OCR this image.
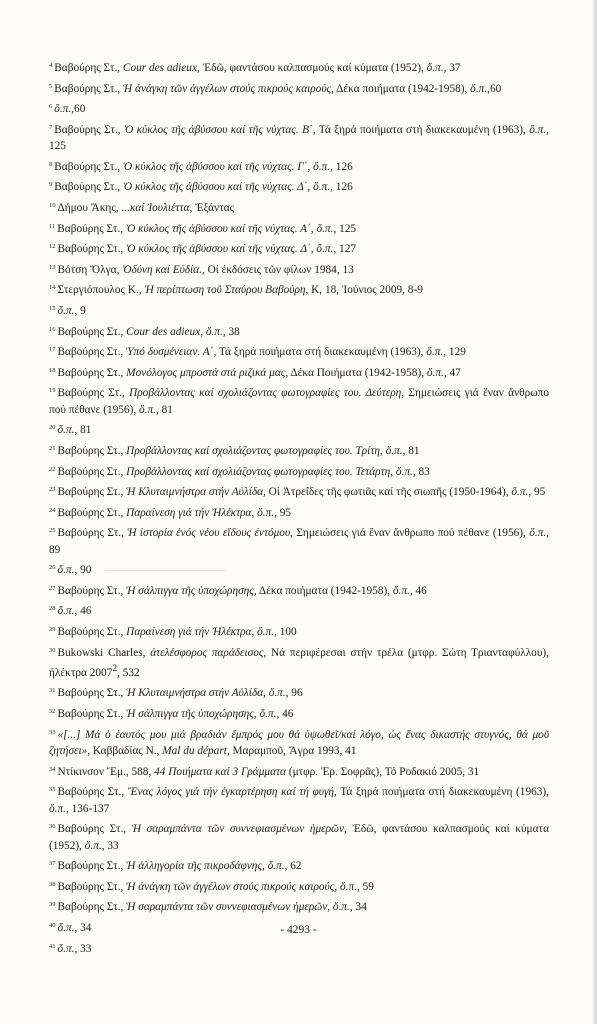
$^4$ Βαβούρης Στ., Cour des adieux, Ἐδῶ, φαντάσου καλπασμούς καί κύματα (1952), ὅ.π., 37
$^5$ Βαβούρης Στ., Ἡ ἀνάγκη τῶν ἀγγέλων στούς πικρούς καιρούς, Δέκα ποιήματα (1942-1958), ὅ.π.,60
$^6$ ὅ.π.,60
$^7$ Βαβούρης Στ., Ὁ κύκλος τῆς ἀβύσσου καί τῆς νύχτας. Β΄, Τά ξηρά ποιήματα στή διακεκαυμένη (1963), ὅ.π., 125
$^8$ Βαβούρης Στ., Ὁ κύκλος τῆς ἀβύσσου καί τῆς νύχτας. Γ΄, ὅ.π., 126
$^9$ Βαβούρης Στ., Ὁ κύκλος τῆς ἀβύσσου καί τῆς νύχτας. Δ΄, ὅ.π., 126
$^{10}$ Δήμου Ἄκης, ...καί Ἰουλιέττα, Ἐξάντας
$^{11}$ Βαβούρης Στ., Ὁ κύκλος τῆς ἀβύσσου καί τῆς νύχτας. Α΄, ὅ.π., 125
$^{12}$ Βαβούρης Στ., Ὁ κύκλος τῆς ἀβύσσου καί τῆς νύχτας. Δ΄, ὅ.π., 127
$^{13}$ Βότση Ὄλγα, Ὀδύνη καί Εὐδία., Οἱ ἐκδόσεις τῶν φίλων 1984, 13
$^{14}$ Στεργιόπουλος Κ., Ἡ περίπτωση τοῦ Σταύρου Βαβούρη, Κ, 18, Ἰούνιος 2009, 8-9
$^{15}$ ὅ.π., 9
$^{16}$ Βαβούρης Στ., Cour des adieux, ὅ.π., 38
$^{17}$ Βαβούρης Στ., Ὑπό δυσμένειαν. Α΄, Τά ξηρά ποιήματα στή διακεκαυμένη (1963), ὅ.π., 129
$^{18}$ Βαβούρης Στ., Μονόλογος μπροστά στά ριζικά μας, Δέκα Ποιήματα (1942-1958), ὅ.π., 47
$^{19}$ Βαβούρης Στ., Προβάλλοντας καί σχολιάζοντας φωτογραφίες του. Δεύτερη, Σημειώσεις γιά ἕναν ἄνθρωπο πού πέθανε (1956), ὅ.π., 81
$^{20}$ ὅ.π., 81
$^{21}$ Βαβούρης Στ., Προβάλλοντας καί σχολιάζοντας φωτογραφίες του. Τρίτη, ὅ.π., 81
$^{22}$ Βαβούρης Στ., Προβάλλοντας καί σχολιάζοντας φωτογραφίες του. Τετάρτη, ὅ.π., 83
$^{23}$ Βαβούρης Στ., Ἡ Κλυταιμνήστρα στήν Αὐλίδα, Οἱ Ἀτρεΐδες τῆς φωτιᾶς καί τῆς σιωπῆς (1950-1964), ὅ.π., 95
$^{24}$ Βαβούρης Στ., Παραίνεση γιά τήν Ἠλέκτρα, ὅ.π., 95
$^{25}$ Βαβούρης Στ., Ἡ ἱστορία ἑνός νέου εἴδους ἐντόμου, Σημειώσεις γιά ἕναν ἄνθρωπο πού πέθανε (1956), ὅ.π., 89
$^{26}$ ὅ.π., 90
$^{27}$ Βαβούρης Στ., Ἡ σάλπιγγα τῆς ὑποχώρησης, Δέκα ποιήματα (1942-1958), ὅ.π., 46
$^{28}$ ὅ.π., 46
$^{29}$ Βαβούρης Στ., Παραίνεση γιά τήν Ἠλέκτρα, ὅ.π., 100
$^{30}$ Bukowski Charles, ἀτελέσφορος παράδεισος, Νά περιφέρεσαι στήν τρέλα (μτφρ. Σώτη Τριανταφύλλου), ἠλέκτρα 2007$^2$, 532
$^{31}$ Βαβούρης Στ., Ἡ Κλυταιμνήστρα στήν Αὐλίδα, ὅ.π., 96
$^{32}$ Βαβούρης Στ., Ἡ σάλπιγγα τῆς ὑποχώρησης, ὅ.π., 46
$^{33}$ «[...] Μά ὁ ἑαυτός μου μιά βραδιάν ἔμπρός μου θά ὑψωθεῖ/καί λόγο, ὡς ἕνας δικαστής στυγνός, θά μοῦ ζητήσει», Καββαδίας Ν., Mal du départ, Μαραμποῦ, Ἄγρα 1993, 41
$^{34}$ Ντίκινσον Ἔμ., 588, 44 Ποιήματα καί 3 Γράμματα (μτφρ. Ἐρ. Σοφρᾶς), Τό Ροδακιό 2005, 31
$^{35}$ Βαβούρης Στ., Ἔνας λόγος γιά τήν ἐγκαρτέρηση καί τή φυγή, Τά ξηρά ποιήματα στή διακεκαυμένη (1963), ὅ.π., 136-137
$^{36}$ Βαβούρης Στ., Ἡ σαραμπάντα τῶν συννεφιασμένων ἡμερῶν, Ἐδῶ, φαντάσου καλπασμούς καί κύματα (1952), ὅ.π., 33
$^{37}$ Βαβούρης Στ., Ἡ ἀλληγορία τῆς πικροδάφνης, ὅ.π., 62
$^{38}$ Βαβούρης Στ., Ἡ ἀνάγκη τῶν ἀγγέλων στούς πικρούς καιρούς, ὅ.π., 59
$^{39}$ Βαβούρης Στ., Ἡ σαραμπάντα τῶν συννεφιασμένων ἡμερῶν, ὅ.π., 34
$^{40}$ ὅ.π., 34
$^{41}$ ὅ.π., 33
- 4293 -
